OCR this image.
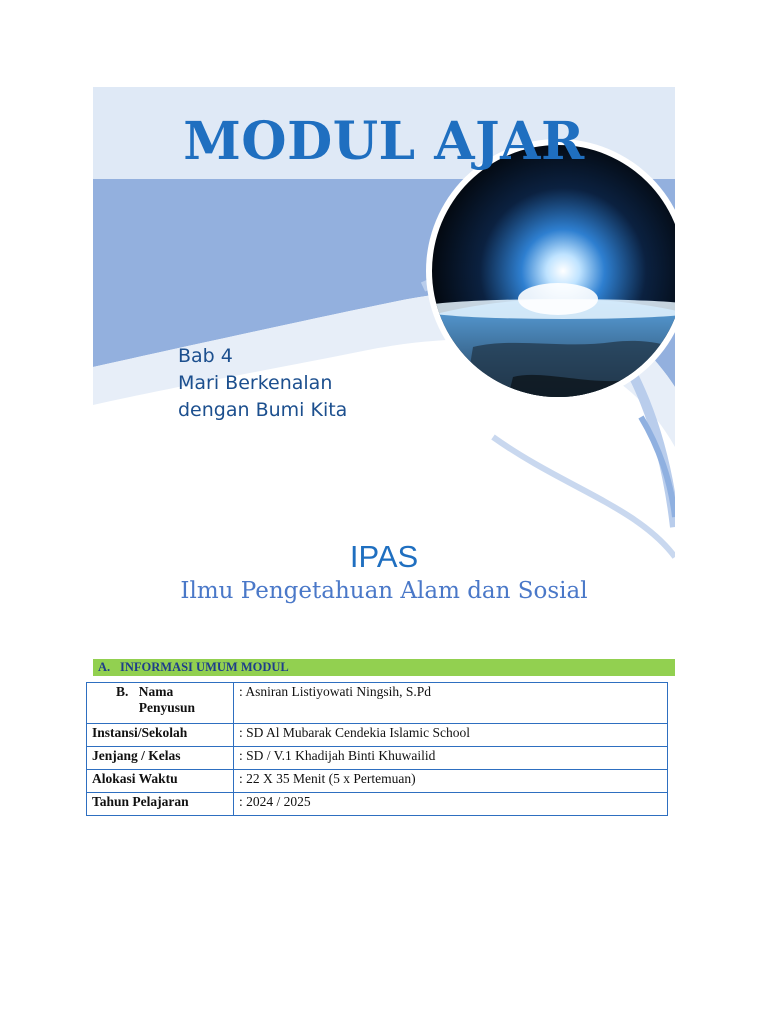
MODUL AJAR
Bab 4
Mari Berkenalan
dengan Bumi Kita
IPAS
Ilmu Pengetahuan Alam dan Sosial
A. INFORMASI UMUM MODUL
B. Nama Penyusun	: Asniran Listiyowati Ningsih, S.Pd
Instansi/Sekolah	: SD Al Mubarak Cendekia Islamic School
Jenjang / Kelas	: SD / V.1 Khadijah Binti Khuwailid
Alokasi Waktu	: 22 X 35 Menit (5 x Pertemuan)
Tahun Pelajaran	: 2024 / 2025
